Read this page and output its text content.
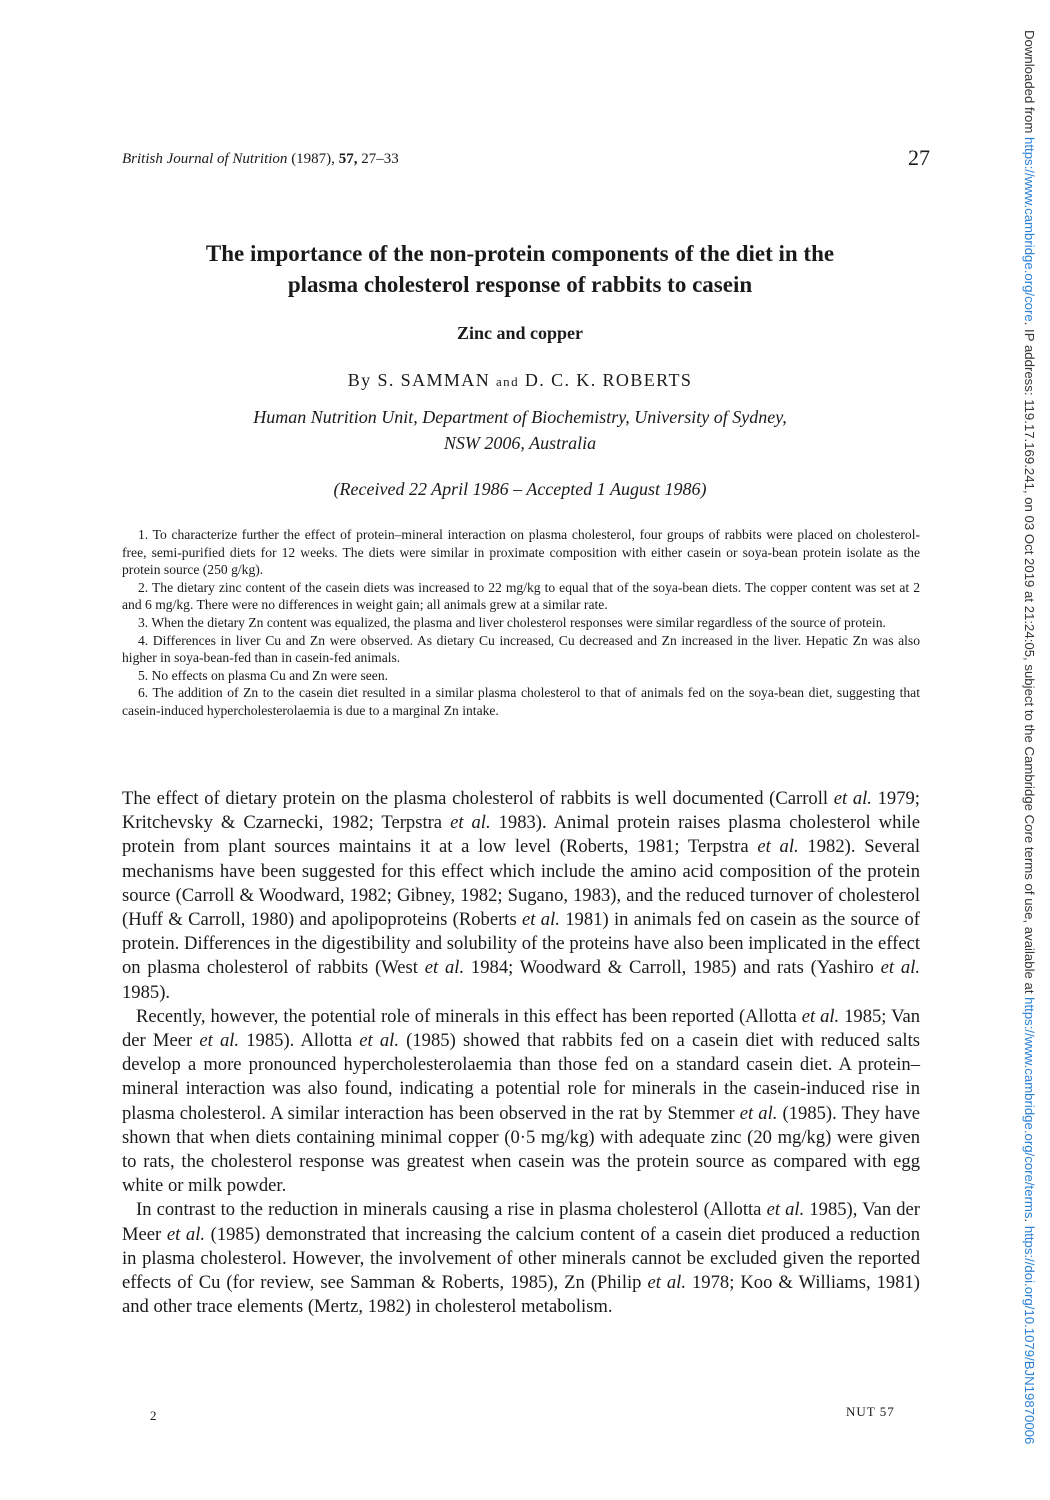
British Journal of Nutrition (1987), 57, 27–33	27
The importance of the non-protein components of the diet in the
plasma cholesterol response of rabbits to casein
Zinc and copper
By S. SAMMAN and D. C. K. ROBERTS
Human Nutrition Unit, Department of Biochemistry, University of Sydney,
NSW 2006, Australia
(Received 22 April 1986 – Accepted 1 August 1986)

1. To characterize further the effect of protein–mineral interaction on plasma cholesterol, four groups of rabbits were placed on cholesterol-free, semi-purified diets for 12 weeks. The diets were similar in proximate composition with either casein or soya-bean protein isolate as the protein source (250 g/kg).

2. The dietary zinc content of the casein diets was increased to 22 mg/kg to equal that of the soya-bean diets. The copper content was set at 2 and 6 mg/kg. There were no differences in weight gain; all animals grew at a similar rate.

3. When the dietary Zn content was equalized, the plasma and liver cholesterol responses were similar regardless of the source of protein.

4. Differences in liver Cu and Zn were observed. As dietary Cu increased, Cu decreased and Zn increased in the liver. Hepatic Zn was also higher in soya-bean-fed than in casein-fed animals.

5. No effects on plasma Cu and Zn were seen.

6. The addition of Zn to the casein diet resulted in a similar plasma cholesterol to that of animals fed on the soya-bean diet, suggesting that casein-induced hypercholesterolaemia is due to a marginal Zn intake.

The effect of dietary protein on the plasma cholesterol of rabbits is well documented (Carroll et al. 1979; Kritchevsky & Czarnecki, 1982; Terpstra et al. 1983). Animal protein raises plasma cholesterol while protein from plant sources maintains it at a low level (Roberts, 1981; Terpstra et al. 1982). Several mechanisms have been suggested for this effect which include the amino acid composition of the protein source (Carroll & Woodward, 1982; Gibney, 1982; Sugano, 1983), and the reduced turnover of cholesterol (Huff & Carroll, 1980) and apolipoproteins (Roberts et al. 1981) in animals fed on casein as the source of protein. Differences in the digestibility and solubility of the proteins have also been implicated in the effect on plasma cholesterol of rabbits (West et al. 1984; Woodward & Carroll, 1985) and rats (Yashiro et al. 1985).

Recently, however, the potential role of minerals in this effect has been reported (Allotta et al. 1985; Van der Meer et al. 1985). Allotta et al. (1985) showed that rabbits fed on a casein diet with reduced salts develop a more pronounced hypercholesterolaemia than those fed on a standard casein diet. A protein–mineral interaction was also found, indicating a potential role for minerals in the casein-induced rise in plasma cholesterol. A similar interaction has been observed in the rat by Stemmer et al. (1985). They have shown that when diets containing minimal copper (0·5 mg/kg) with adequate zinc (20 mg/kg) were given to rats, the cholesterol response was greatest when casein was the protein source as compared with egg white or milk powder.

In contrast to the reduction in minerals causing a rise in plasma cholesterol (Allotta et al. 1985), Van der Meer et al. (1985) demonstrated that increasing the calcium content of a casein diet produced a reduction in plasma cholesterol. However, the involvement of other minerals cannot be excluded given the reported effects of Cu (for review, see Samman & Roberts, 1985), Zn (Philip et al. 1978; Koo & Williams, 1981) and other trace elements (Mertz, 1982) in cholesterol metabolism.

2	NUT 57
Downloaded from https://www.cambridge.org/core. IP address: 119.17.169.241, on 03 Oct 2019 at 21:24:05, subject to the Cambridge Core terms of use, available at https://www.cambridge.org/core/terms. https://doi.org/10.1079/BJN19870006
